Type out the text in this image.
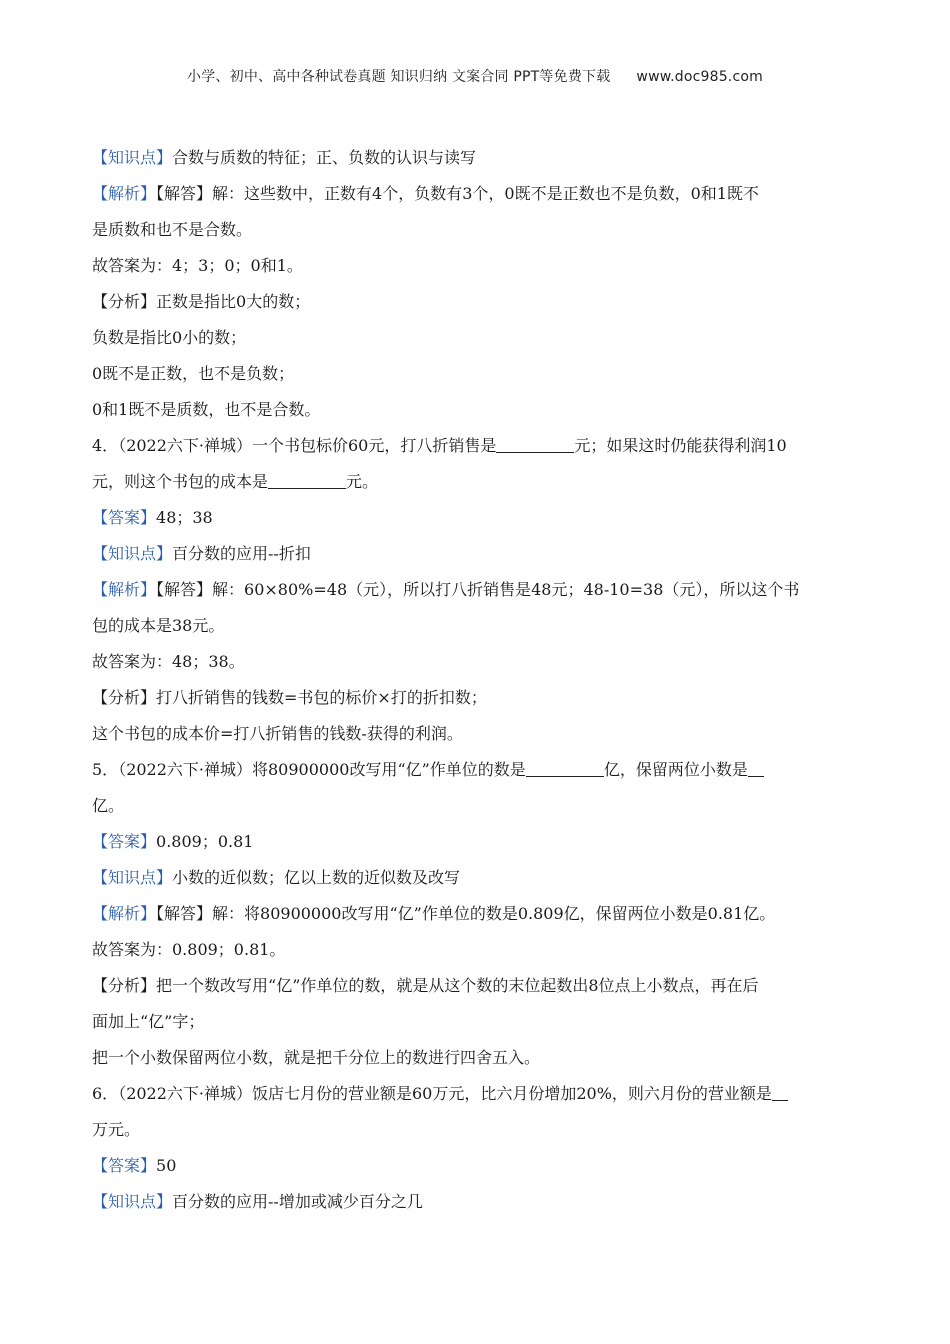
小学、初中、高中各种试卷真题 知识归纳 文案合同 PPT等免费下载 www.doc985.com
【知识点】合数与质数的特征；正、负数的认识与读写
【解析】【解答】解：这些数中，正数有4个，负数有3个，0既不是正数也不是负数，0和1既不
是质数和也不是合数。
故答案为：4；3；0；0和1。
【分析】正数是指比0大的数；
负数是指比0小的数；
0既不是正数，也不是负数；
0和1既不是质数，也不是合数。
4．（2022六下·禅城）一个书包标价60元，打八折销售是	元；如果这时仍能获得利润10
元，则这个书包的成本是	元。
【答案】48；38
【知识点】百分数的应用--折扣
【解析】【解答】解：60×80%=48（元），所以打八折销售是48元；48-10=38（元），所以这个书
包的成本是38元。
故答案为：48；38。
【分析】打八折销售的钱数=书包的标价×打的折扣数；
这个书包的成本价=打八折销售的钱数-获得的利润。
5．（2022六下·禅城）将80900000改写用“亿”作单位的数是	亿，保留两位小数是
亿。
【答案】0.809；0.81
【知识点】小数的近似数；亿以上数的近似数及改写
【解析】【解答】解：将80900000改写用“亿”作单位的数是0.809亿，保留两位小数是0.81亿。
故答案为：0.809；0.81。
【分析】把一个数改写用“亿”作单位的数，就是从这个数的末位起数出8位点上小数点，再在后
面加上“亿”字；
把一个小数保留两位小数，就是把千分位上的数进行四舍五入。
6．（2022六下·禅城）饭店七月份的营业额是60万元，比六月份增加20%，则六月份的营业额是
万元。
【答案】50
【知识点】百分数的应用--增加或减少百分之几
